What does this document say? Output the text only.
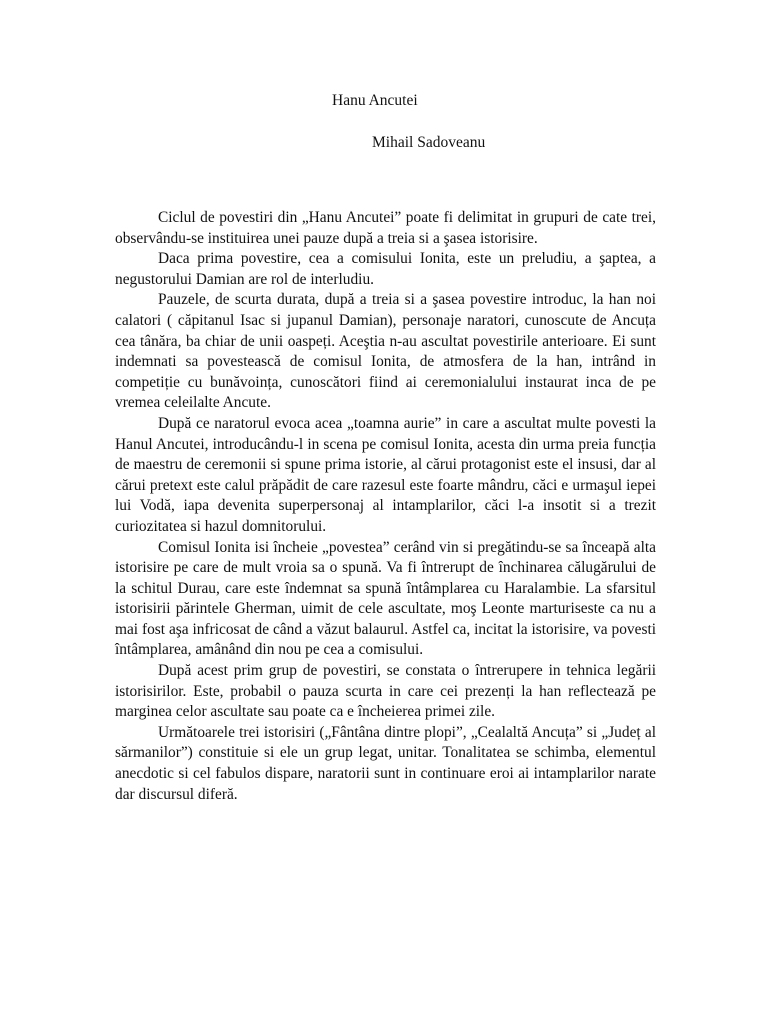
Hanu Ancutei
Mihail Sadoveanu

Ciclul de povestiri din „Hanu Ancutei” poate fi delimitat in grupuri de cate trei, observându-se instituirea unei pauze după a treia si a şasea istorisire.

Daca prima povestire, cea a comisului Ionita, este un preludiu, a şaptea, a negustorului Damian are rol de interludiu.

Pauzele, de scurta durata, după a treia si a şasea povestire introduc, la han noi calatori ( căpitanul Isac si jupanul Damian), personaje naratori, cunoscute de Ancuța cea tânăra, ba chiar de unii oaspeți. Aceştia n-au ascultat povestirile anterioare. Ei sunt indemnati sa povestească de comisul Ionita, de atmosfera de la han, intrând in competiție cu bunăvoința, cunoscători fiind ai ceremonialului instaurat inca de pe vremea celeilalte Ancute.

După ce naratorul evoca acea „toamna aurie” in care a ascultat multe povesti la Hanul Ancutei, introducându-l in scena pe comisul Ionita, acesta din urma preia funcția de maestru de ceremonii si spune prima istorie, al cărui protagonist este el insusi, dar al cărui pretext este calul prăpădit de care razesul este foarte mândru, căci e urmaşul iepei lui Vodă, iapa devenita superpersonaj al intamplarilor, căci l-a insotit si a trezit curiozitatea si hazul domnitorului.

Comisul Ionita isi încheie „povestea” cerând vin si pregătindu-se sa înceapă alta istorisire pe care de mult vroia sa o spună. Va fi întrerupt de închinarea călugărului de la schitul Durau, care este îndemnat sa spună întâmplarea cu Haralambie. La sfarsitul istorisirii părintele Gherman, uimit de cele ascultate, moş Leonte marturiseste ca nu a mai fost aşa infricosat de când a văzut balaurul. Astfel ca, incitat la istorisire, va povesti întâmplarea, amânând din nou pe cea a comisului.

După acest prim grup de povestiri, se constata o întrerupere in tehnica legării istorisirilor. Este, probabil o pauza scurta in care cei prezenți la han reflectează pe marginea celor ascultate sau poate ca e încheierea primei zile.

Următoarele trei istorisiri („Fântâna dintre plopi”, „Cealaltă Ancuța” si „Județ al sărmanilor”) constituie si ele un grup legat, unitar. Tonalitatea se schimba, elementul anecdotic si cel fabulos dispare, naratorii sunt in continuare eroi ai intamplarilor narate dar discursul diferă.
